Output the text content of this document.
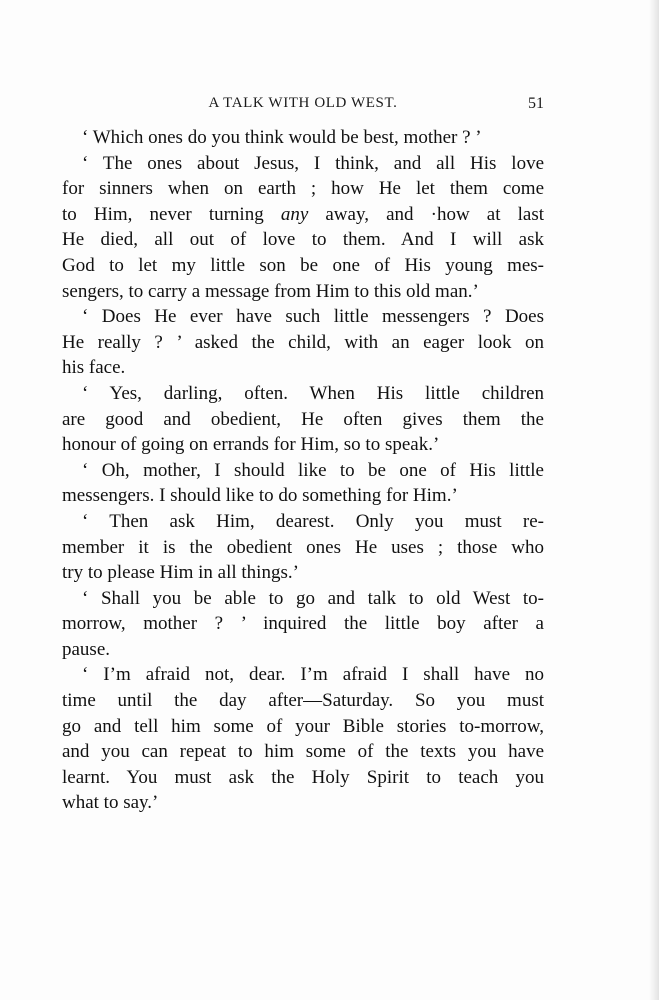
A TALK WITH OLD WEST.	51
‘ Which ones do you think would be best, mother ? ’
‘ The ones about Jesus, I think, and all His love
for sinners when on earth ; how He let them come
to Him, never turning any away, and ·how at last
He died, all out of love to them. And I will ask
God to let my little son be one of His young mes-
sengers, to carry a message from Him to this old man.’
‘ Does He ever have such little messengers ? Does
He really ? ’ asked the child, with an eager look on
his face.
‘ Yes, darling, often. When His little children
are good and obedient, He often gives them the
honour of going on errands for Him, so to speak.’
‘ Oh, mother, I should like to be one of His little
messengers. I should like to do something for Him.’
‘ Then ask Him, dearest. Only you must re-
member it is the obedient ones He uses ; those who
try to please Him in all things.’
‘ Shall you be able to go and talk to old West to-
morrow, mother ? ’ inquired the little boy after a
pause.
‘ I’m afraid not, dear. I’m afraid I shall have no
time until the day after—Saturday. So you must
go and tell him some of your Bible stories to-morrow,
and you can repeat to him some of the texts you have
learnt. You must ask the Holy Spirit to teach you
what to say.’
